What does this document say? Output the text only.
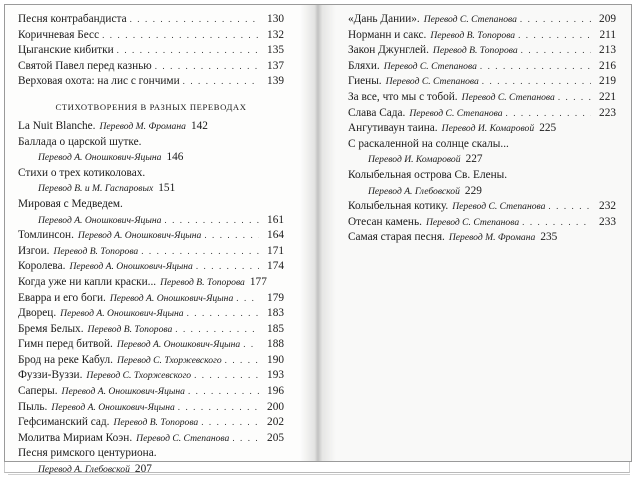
Песня контрабандиста . . .	130
Коричневая Бесс . . .	132
Цыганские кибитки . . .	135
Святой Павел перед казнью . . .	137
Верховая охота: на лис с гончими . . .	139
СТИХОТВОРЕНИЯ В РАЗНЫХ ПЕРЕВОДАХ
La Nuit Blanche. Перевод М. Фромана 142
Баллада о царской шутке.
Перевод А. Оношкович-Яцына 146
Стихи о трех котиколовах.
Перевод В. и М. Гаспаровых 151
Мировая с Медведем.
Перевод А. Оношкович-Яцына . . .	161
Томлинсон. Перевод А. Оношкович-Яцына . . .	164
Изгои. Перевод В. Топорова . . .	171
Королева. Перевод А. Оношкович-Яцына . . .	174
Когда уже ни капли краски... Перевод В. Топорова 177
Еварра и его боги. Перевод А. Оношкович-Яцына . . .	179
Дворец. Перевод А. Оношкович-Яцына . . .	183
Бремя Белых. Перевод В. Топорова . . .	185
Гимн перед битвой. Перевод А. Оношкович-Яцына . . .	188
Брод на реке Кабул. Перевод С. Тхоржевского . . .	190
Фуззи-Вуззи. Перевод С. Тхоржевского . . .	193
Саперы. Перевод А. Оношкович-Яцына . . .	196
Пыль. Перевод А. Оношкович-Яцына . . .	200
Гефсиманский сад. Перевод В. Топорова . . .	202
Молитва Мириам Коэн. Перевод С. Степанова . . .	205
Песня римского центуриона.
Перевод А. Глебовской 207
«Дань Дании». Перевод С. Степанова . . .	209
Норманн и сакс. Перевод В. Топорова . . .	211
Закон Джунглей. Перевод В. Топорова . . .	213
Бляхи. Перевод С. Степанова . . .	216
Гиены. Перевод С. Степанова . . .	219
За все, что мы с тобой. Перевод С. Степанова . . .	221
Слава Сада. Перевод С. Степанова . . .	223
Ангутиваун таина. Перевод И. Комаровой 225
С раскаленной на солнце скалы...
Перевод И. Комаровой 227
Колыбельная острова Св. Елены.
Перевод А. Глебовской 229
Колыбельная котику. Перевод С. Степанова . . .	232
Отесан камень. Перевод С. Степанова . . .	233
Самая старая песня. Перевод М. Фромана 235
